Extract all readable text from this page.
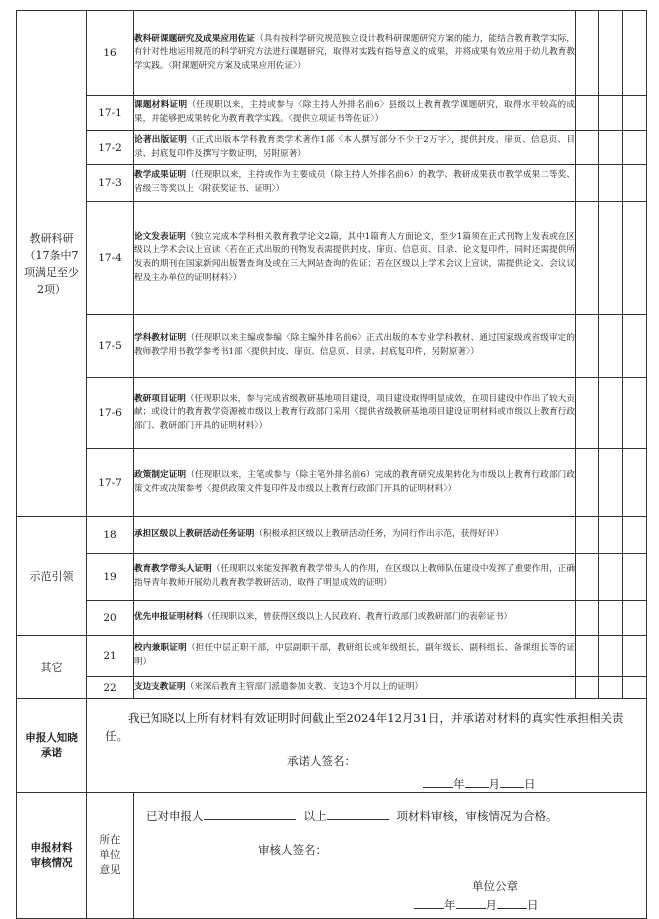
教研科研
（17条中7项满足至少2项）	16	教科研课题研究及成果应用佐证（具有按科学研究规范独立设计教科研课题研究方案的能力，能结合教育教学实际，有针对性地运用规范的科学研究方法进行课题研究，取得对实践有指导意义的成果，并将成果有效应用于幼儿教育教学实践。〈附课题研究方案及成果应用佐证〉）			
	17-1	课题材料证明（任现职以来，主持或参与〈除主持人外排名前6〉县级以上教育教学课题研究，取得水平较高的成果，并能够把成果转化为教育教学实践。〈提供立项证书等佐证〉）			
	17-2	论著出版证明（正式出版本学科教育类学术著作1部〈本人撰写部分不少于2万字〉，提供封皮、扉页、信息页、目录、封底复印件及撰写字数证明，另附原著）			
	17-3	教学成果证明（任现职以来，主持或作为主要成员（除主持人外排名前6）的教学、教研成果获市教学成果二等奖、省级三等奖以上〈附获奖证书、证明〉）			
	17-4	论文发表证明（独立完成本学科相关教育教学论文2篇，其中1篇育人方面论文，至少1篇须在正式刊物上发表或在区级以上学术会议上宣读〈若在正式出版的刊物发表需提供封皮、扉页、信息页、目录、论文复印件，同时还需提供所发表的期刊在国家新闻出版署查询及或在三大网站查询的佐证；若在区级以上学术会议上宣读，需提供论文、会议议程及主办单位的证明材料〉）			
	17-5	学科教材证明（任现职以来主编或参编〈除主编外排名前6〉正式出版的本专业学科教材、通过国家级或省级审定的教师教学用书教学参考书1部〈提供封皮、扉页、信息页、目录、封底复印件，另附原著〉）			
	17-6	教研项目证明（任现职以来，参与完成省级教研基地项目建设，项目建设取得明显成效，在项目建设中作出了较大贡献；或设计的教育教学资源被市级以上教育行政部门采用〈提供省级教研基地项目建设证明材料或市级以上教育行政部门、教研部门开具的证明材料〉）			
	17-7	政策制定证明（任现职以来，主笔或参与（除主笔外排名前6）完成的教育研究成果转化为市级以上教育行政部门政策文件或决策参考〈提供政策文件复印件及市级以上教育行政部门开具的证明材料〉）			

示范引领	18	承担区级以上教研活动任务证明（积极承担区级以上教研活动任务，为同行作出示范，获得好评）			
	19	教育教学带头人证明（任现职以来能发挥教育教学带头人的作用，在区级以上教师队伍建设中发挥了重要作用，正确指导青年教师开展幼儿教育教学教研活动，取得了明显成效的证明）			
	20	优先申报证明材料（任现职以来，曾获得区级以上人民政府、教育行政部门或教研部门的表彰证书）			

其它	21	校内兼职证明（担任中层正职干部，中层副职干部，教研组长或年级组长，副年级长、副科组长、备课组长等的证明）			
	22	支边支教证明（来深后教育主管部门派遣参加支教、支边3个月以上的证明）			

申报人知晓承诺	我已知晓以上所有材料有效证明时间截止至2024年12月31日，并承诺对材料的真实性承担相关责任。
承诺人签名：
年 月 日				

申报材料审核情况	所在单位意见	已对申报人 以上 项材料审核，审核情况为合格。
审核人签名：
单位公章
年 月 日			
